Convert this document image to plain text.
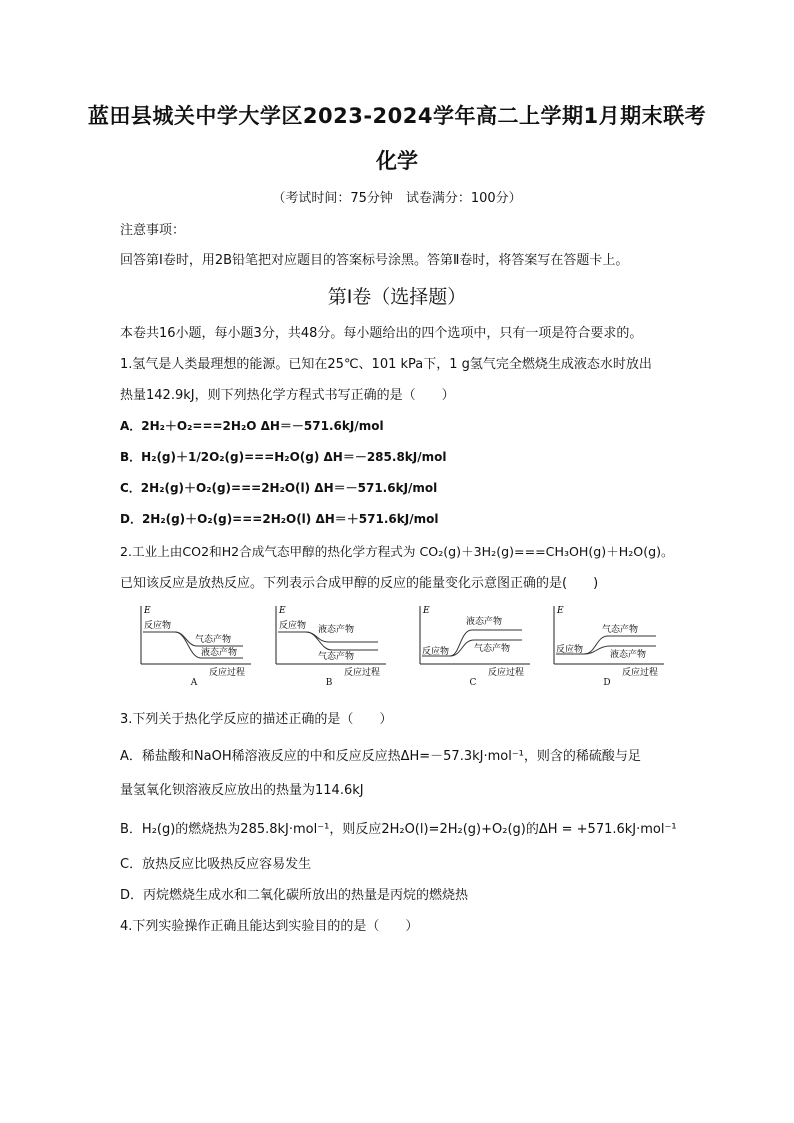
蓝田县城关中学大学区2023-2024学年高二上学期1月期末联考
化学
（考试时间：75分钟　试卷满分：100分）
注意事项：
回答第Ⅰ卷时，用2B铅笔把对应题目的答案标号涂黑。答第Ⅱ卷时，将答案写在答题卡上。
第Ⅰ卷（选择题）
本卷共16小题，每小题3分，共48分。每小题给出的四个选项中，只有一项是符合要求的。
1.氢气是人类最理想的能源。已知在25℃、101 kPa下，1 g氢气完全燃烧生成液态水时放出
热量142.9kJ，则下列热化学方程式书写正确的是（　　）
A．2H₂＋O₂===2H₂O ΔH＝－571.6kJ/mol
B．H₂(g)＋1/2O₂(g)===H₂O(g) ΔH＝－285.8kJ/mol
C．2H₂(g)＋O₂(g)===2H₂O(l) ΔH＝－571.6kJ/mol
D．2H₂(g)＋O₂(g)===2H₂O(l) ΔH＝＋571.6kJ/mol
2.工业上由CO2和H2合成气态甲醇的热化学方程式为 CO₂(g)＋3H₂(g)===CH₃OH(g)＋H₂O(g)。
已知该反应是放热反应。下列表示合成甲醇的反应的能量变化示意图正确的是(　　)
E
反应物
气态产物
液态产物
反应过程
A
E
反应物 液态产物
气态产物
反应过程
B
E
反应物
液态产物
气态产物
反应过程
C
E
反应物
气态产物
液态产物
反应过程
D
3.下列关于热化学反应的描述正确的是（　　）
A．稀盐酸和NaOH稀溶液反应的中和反应反应热ΔH=－57.3kJ·mol⁻¹，则含的稀硫酸与足
量氢氧化钡溶液反应放出的热量为114.6kJ
B．H₂(g)的燃烧热为285.8kJ·mol⁻¹，则反应2H₂O(l)=2H₂(g)+O₂(g)的ΔH = +571.6kJ·mol⁻¹
C．放热反应比吸热反应容易发生
D．丙烷燃烧生成水和二氧化碳所放出的热量是丙烷的燃烧热
4.下列实验操作正确且能达到实验目的的是（　　）
